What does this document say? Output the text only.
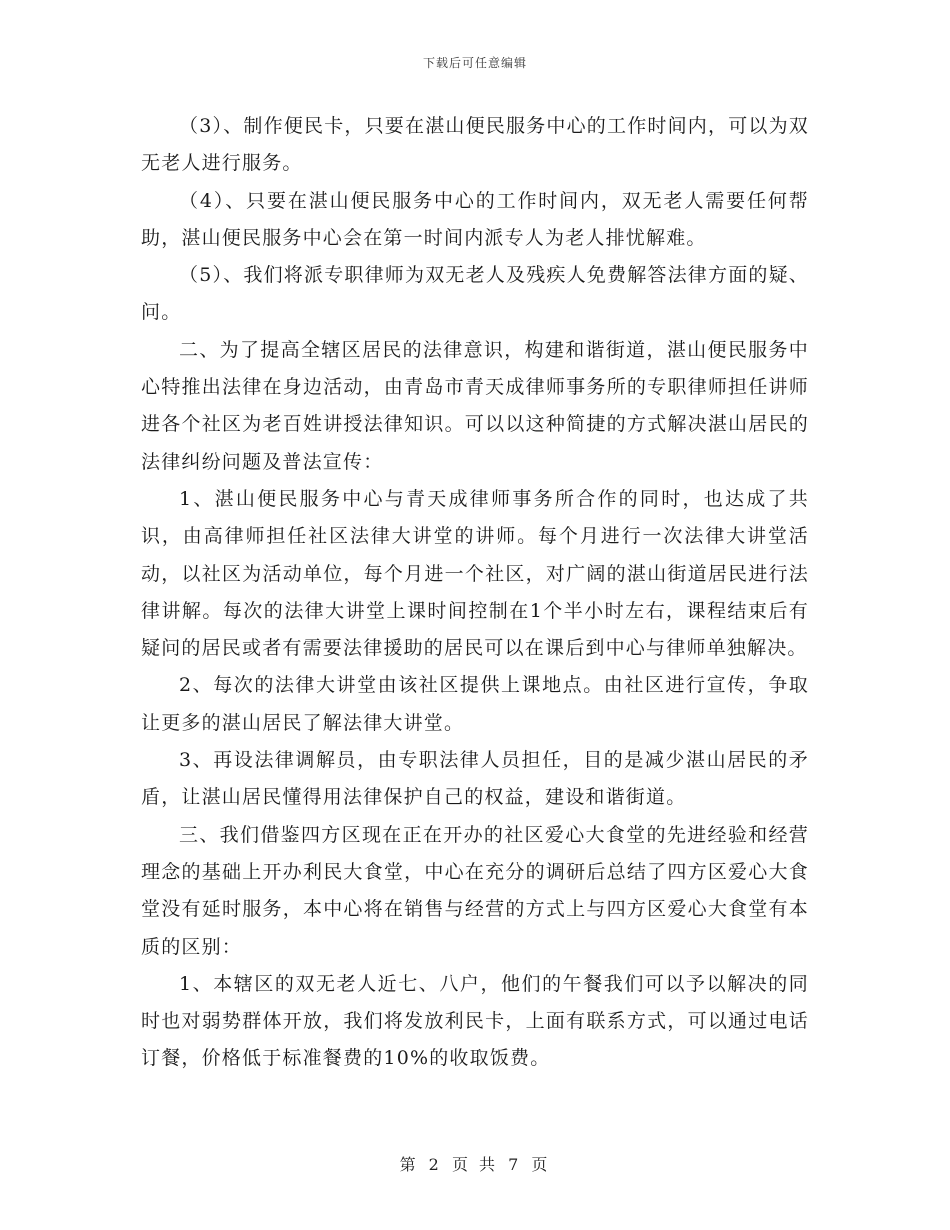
下载后可任意编辑

（3）、制作便民卡，只要在湛山便民服务中心的工作时间内，可以为双无老人进行服务。

（4）、只要在湛山便民服务中心的工作时间内，双无老人需要任何帮助，湛山便民服务中心会在第一时间内派专人为老人排忧解难。

（5）、我们将派专职律师为双无老人及残疾人免费解答法律方面的疑、问。

二、为了提高全辖区居民的法律意识，构建和谐街道，湛山便民服务中心特推出法律在身边活动，由青岛市青天成律师事务所的专职律师担任讲师进各个社区为老百姓讲授法律知识。可以以这种简捷的方式解决湛山居民的法律纠纷问题及普法宣传：

1、湛山便民服务中心与青天成律师事务所合作的同时，也达成了共识，由高律师担任社区法律大讲堂的讲师。每个月进行一次法律大讲堂活动，以社区为活动单位，每个月进一个社区，对广阔的湛山街道居民进行法律讲解。每次的法律大讲堂上课时间控制在1个半小时左右，课程结束后有疑问的居民或者有需要法律援助的居民可以在课后到中心与律师单独解决。

2、每次的法律大讲堂由该社区提供上课地点。由社区进行宣传，争取让更多的湛山居民了解法律大讲堂。

3、再设法律调解员，由专职法律人员担任，目的是减少湛山居民的矛盾，让湛山居民懂得用法律保护自己的权益，建设和谐街道。

三、我们借鉴四方区现在正在开办的社区爱心大食堂的先进经验和经营理念的基础上开办利民大食堂，中心在充分的调研后总结了四方区爱心大食堂没有延时服务，本中心将在销售与经营的方式上与四方区爱心大食堂有本质的区别：

1、本辖区的双无老人近七、八户，他们的午餐我们可以予以解决的同时也对弱势群体开放，我们将发放利民卡，上面有联系方式，可以通过电话订餐，价格低于标准餐费的10%的收取饭费。

第 2 页 共 7 页
